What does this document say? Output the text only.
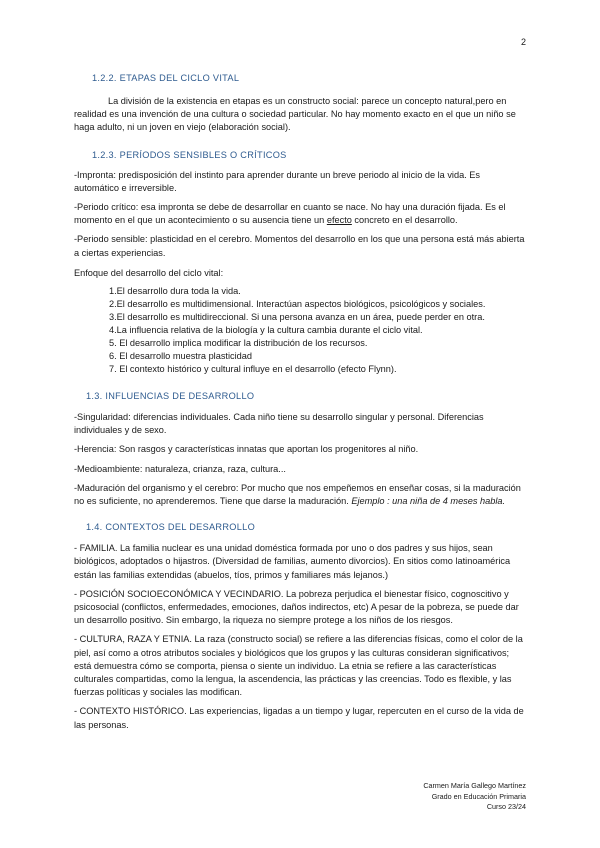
2

1.2.2. ETAPAS DEL CICLO VITAL

La división de la existencia en etapas es un constructo social: parece un concepto natural,pero en realidad es una invención de una cultura o sociedad particular. No hay momento exacto en el que un niño se haga adulto, ni un joven en viejo (elaboración social).

1.2.3. PERÍODOS SENSIBLES O CRÍTICOS

-Impronta: predisposición del instinto para aprender durante un breve periodo al inicio de la vida. Es automático e irreversible.

-Periodo crítico: esa impronta se debe de desarrollar en cuanto se nace. No hay una duración fijada. Es el momento en el que un acontecimiento o su ausencia tiene un efecto concreto en el desarrollo.

-Periodo sensible: plasticidad en el cerebro. Momentos del desarrollo en los que una persona está más abierta a ciertas experiencias.

Enfoque del desarrollo del ciclo vital:

1.El desarrollo dura toda la vida.
2.El desarrollo es multidimensional. Interactúan aspectos biológicos, psicológicos y sociales.
3.El desarrollo es multidireccional. Si una persona avanza en un área, puede perder en otra.
4.La influencia relativa de la biología y la cultura cambia durante el ciclo vital.
5. El desarrollo implica modificar la distribución de los recursos.
6. El desarrollo muestra plasticidad
7. El contexto histórico y cultural influye en el desarrollo (efecto Flynn).

1.3. INFLUENCIAS DE DESARROLLO

-Singularidad: diferencias individuales. Cada niño tiene su desarrollo singular y personal. Diferencias individuales y de sexo.

-Herencia: Son rasgos y características innatas que aportan los progenitores al niño.

-Medioambiente: naturaleza, crianza, raza, cultura...

-Maduración del organismo y el cerebro: Por mucho que nos empeñemos en enseñar cosas, si la maduración no es suficiente, no aprenderemos. Tiene que darse la maduración. Ejemplo : una niña de 4 meses habla.

1.4. CONTEXTOS DEL DESARROLLO

- FAMILIA. La familia nuclear es una unidad doméstica formada por uno o dos padres y sus hijos, sean biológicos, adoptados o hijastros. (Diversidad de familias, aumento divorcios). En sitios como latinoamérica están las familias extendidas (abuelos, tíos, primos y familiares más lejanos.)

- POSICIÓN SOCIOECONÓMICA Y VECINDARIO. La pobreza perjudica el bienestar físico, cognoscitivo y psicosocial (conflictos, enfermedades, emociones, daños indirectos, etc) A pesar de la pobreza, se puede dar un desarrollo positivo. Sin embargo, la riqueza no siempre protege a los niños de los riesgos.

- CULTURA, RAZA Y ETNIA. La raza (constructo social) se refiere a las diferencias físicas, como el color de la piel, así como a otros atributos sociales y biológicos que los grupos y las culturas consideran significativos; está demuestra cómo se comporta, piensa o siente un individuo. La etnia se refiere a las características culturales compartidas, como la lengua, la ascendencia, las prácticas y las creencias. Todo es flexible, y las fuerzas políticas y sociales las modifican.

- CONTEXTO HISTÓRICO. Las experiencias, ligadas a un tiempo y lugar, repercuten en el curso de la vida de las personas.

Carmen María Gallego Martínez
Grado en Educación Primaria
Curso 23/24
